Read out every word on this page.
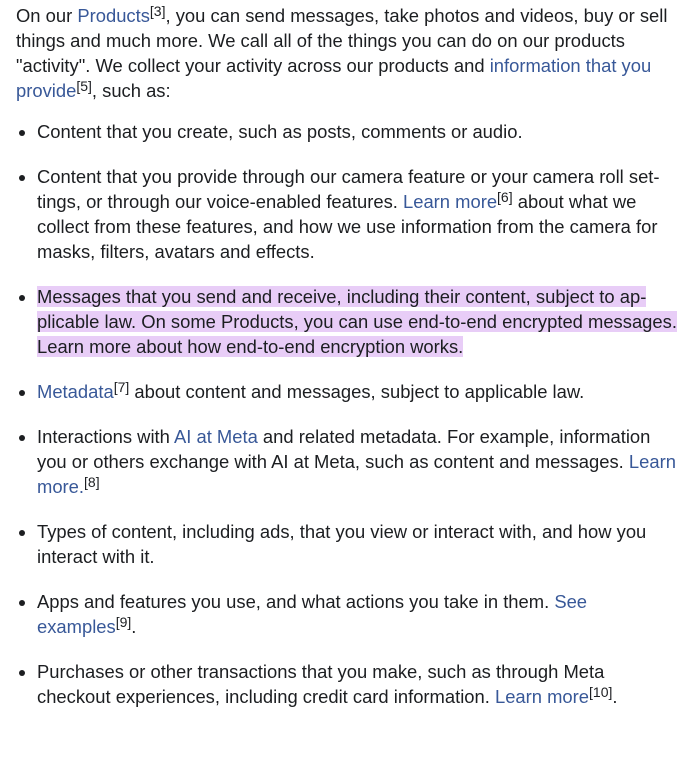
On our Products[3], you can send messages, take photos and videos, buy or sell things and much more. We call all of the things you can do on our products "activity". We collect your activity across our products and information that you provide[5], such as:

• Content that you create, such as posts, comments or audio.
• Content that you provide through our camera feature or your camera roll settings, or through our voice-enabled features. Learn more[6] about what we collect from these features, and how we use information from the camera for masks, filters, avatars and effects.
• Messages that you send and receive, including their content, subject to applicable law. On some Products, you can use end-to-end encrypted messages. Learn more about how end-to-end encryption works.
• Metadata[7] about content and messages, subject to applicable law.
• Interactions with AI at Meta and related metadata. For example, information you or others exchange with AI at Meta, such as content and messages. Learn more.[8]
• Types of content, including ads, that you view or interact with, and how you interact with it.
• Apps and features you use, and what actions you take in them. See examples[9].
• Purchases or other transactions that you make, such as through Meta checkout experiences, including credit card information. Learn more[10].
